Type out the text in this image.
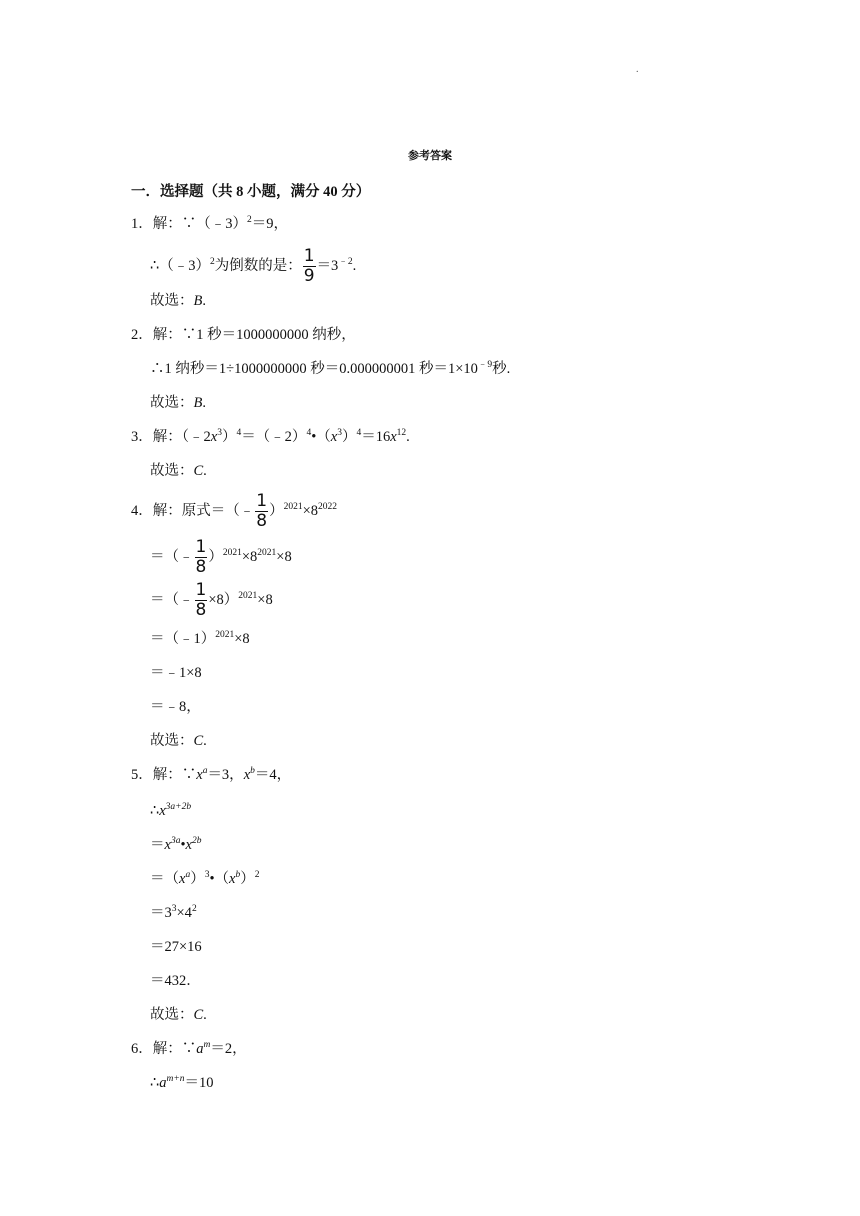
.
参考答案
一．选择题（共 8 小题，满分 40 分）
1．解：∵（﹣3）$^2$＝9，
∴（﹣3）$^2$为倒数的是： $\frac{1}{9} =3^{﹣2}$.
故选：B.
2．解：∵1 秒＝1000000000 纳秒，
∴1 纳秒＝1÷1000000000 秒＝0.000000001 秒$=1\times 10^{﹣9}$秒.
故选：B.
3．解：$(﹣2x^3)^4=(﹣2)^4•(x^3)^4=16x^{12}$.
故选：C.
4．解：原式＝（﹣ $\frac{1}{8} )^{2021}\times 8^{2022}$
＝（﹣ $\frac{1}{8} )^{2021}\times 8^{2021}\times 8$
＝（﹣ $\frac{1}{8} \times 8)^{2021}\times 8$
＝（﹣1）$^{2021}$×8
＝﹣1×8
＝﹣8，
故选：C.
5．解：$\because x^a=3$，$x^b=4$，
$\therefore x^{3a+2b}$
$=x^{3a}•x^{2b}$
$=(x^a)^3•(x^b)^2$
$=3^3\times 4^2$
＝27×16
＝432．
故选：C.
6．解：$\because a^m=2$，
$\therefore a^{m+n}=10$
